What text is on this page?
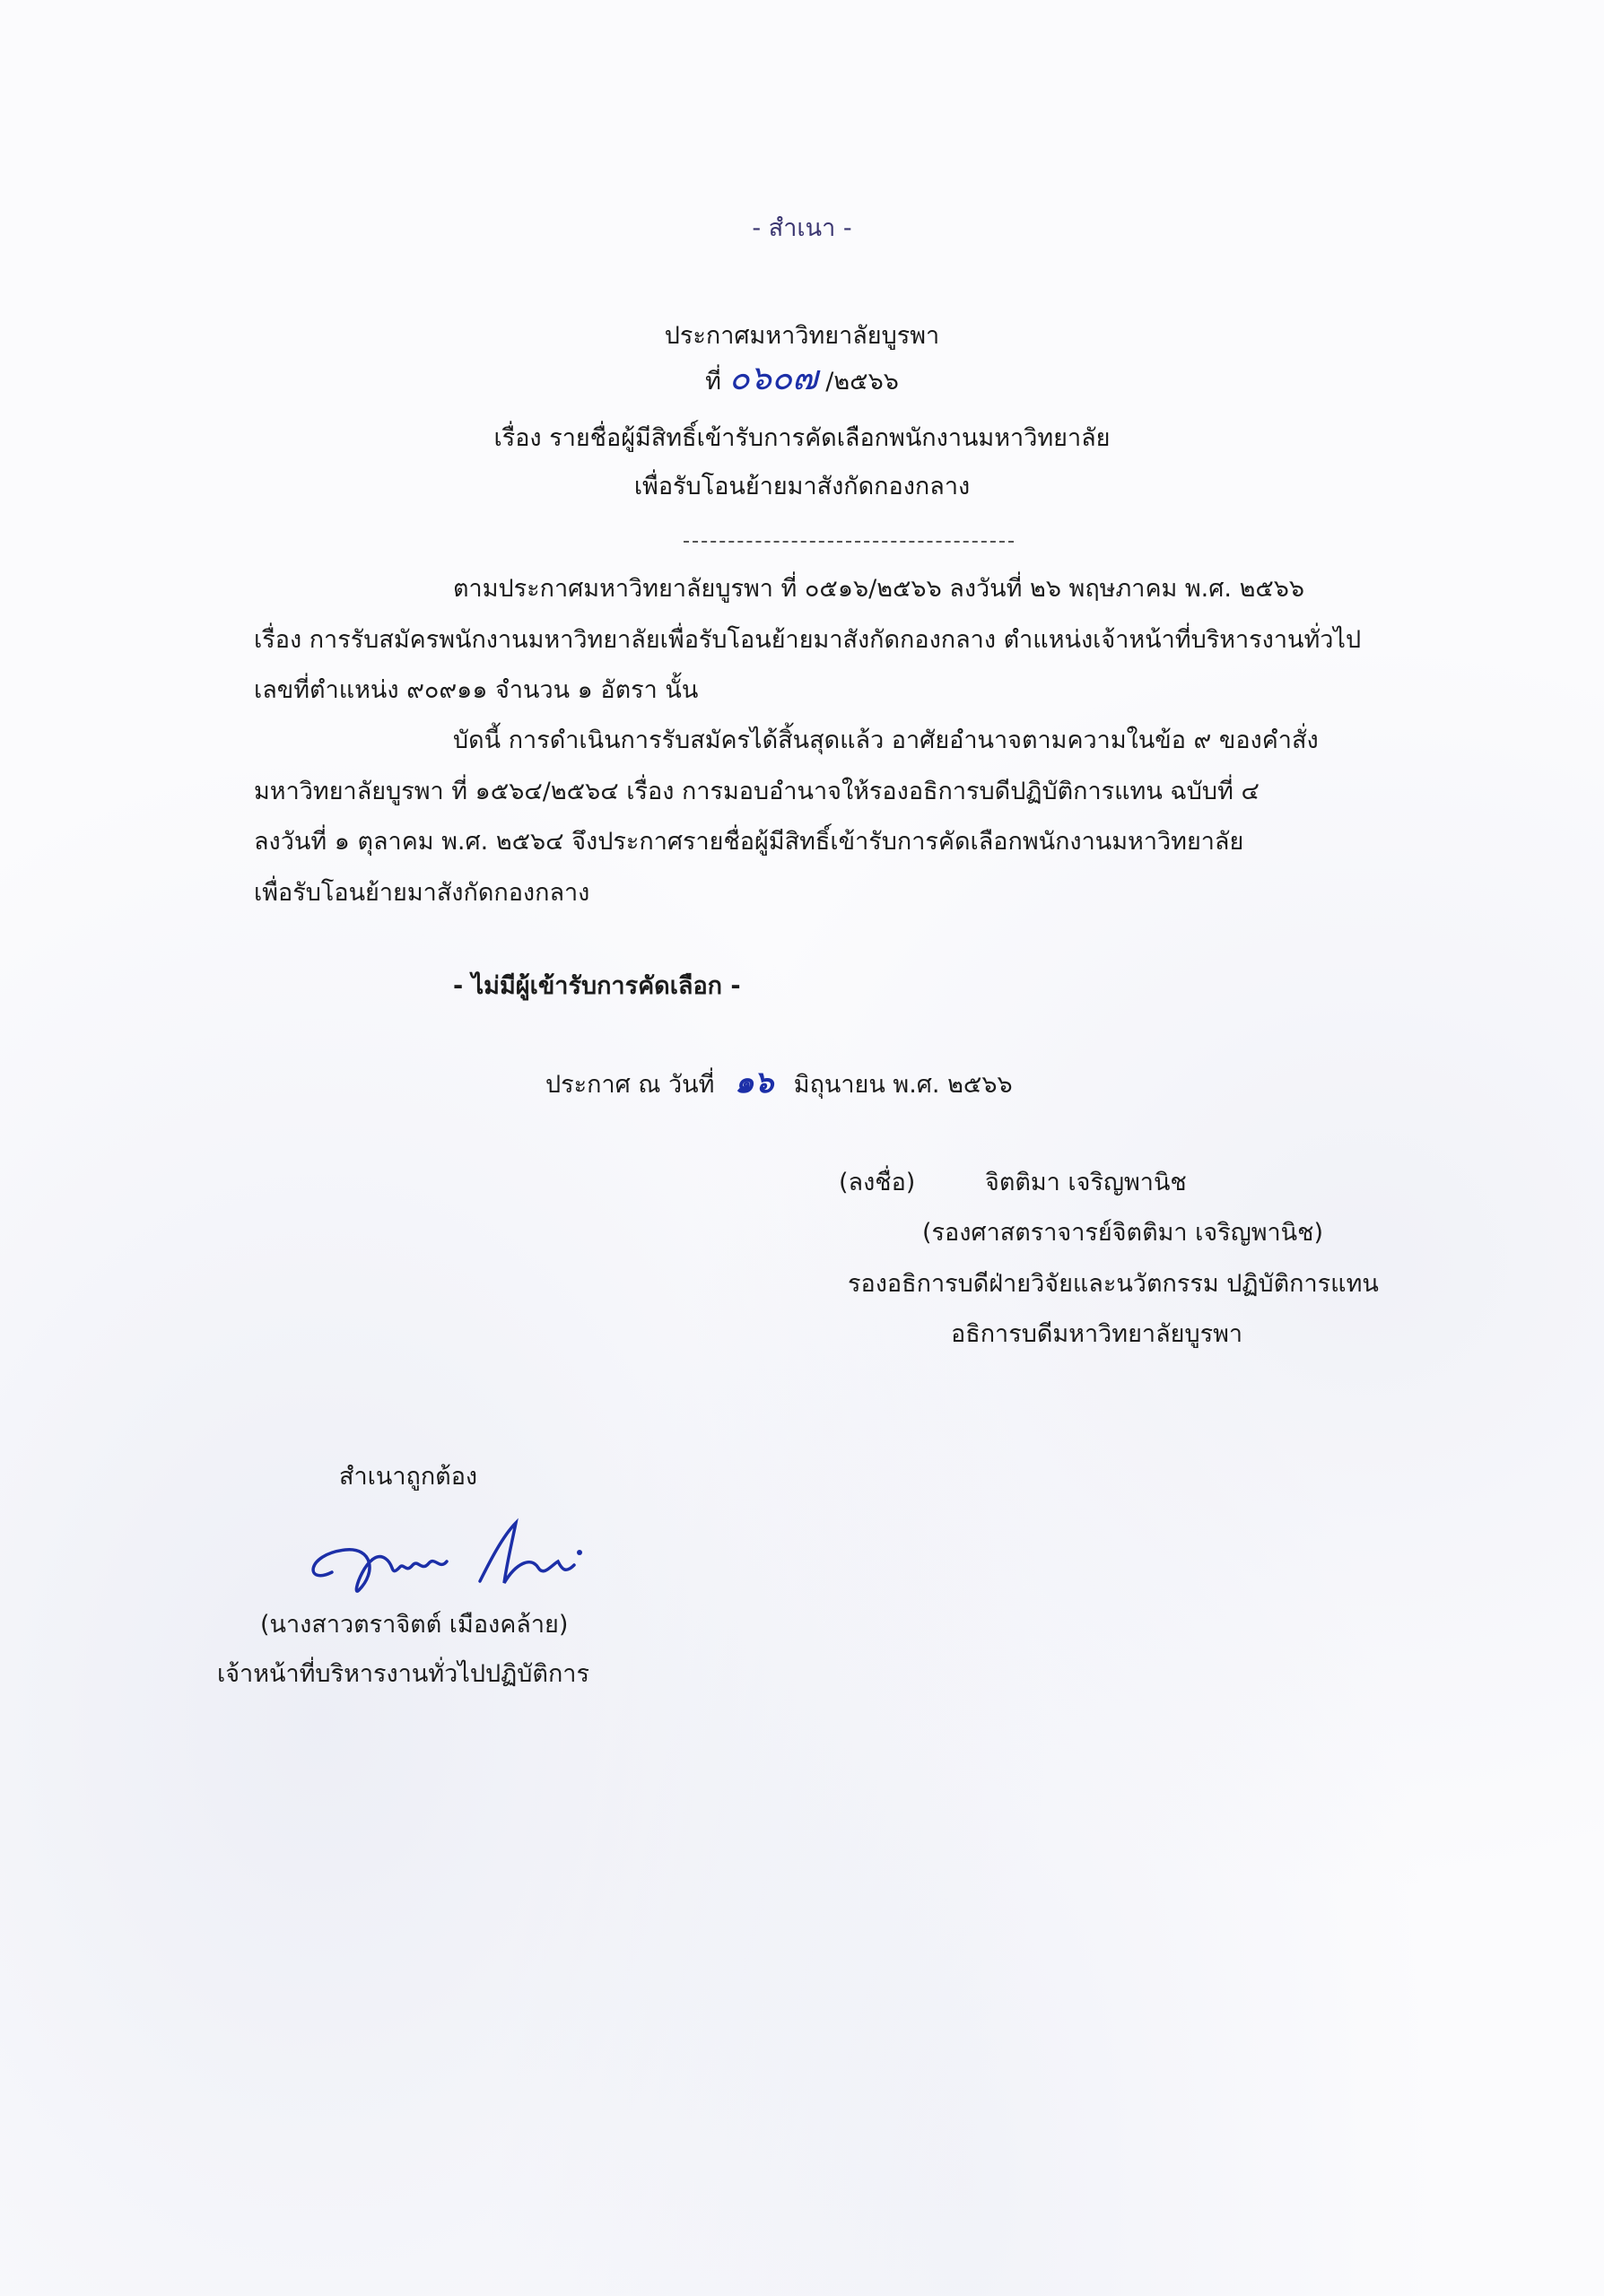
- สำเนา -
ประกาศมหาวิทยาลัยบูรพา
ที่ ๐๖๐๗ /๒๕๖๖
เรื่อง รายชื่อผู้มีสิทธิ์เข้ารับการคัดเลือกพนักงานมหาวิทยาลัย
เพื่อรับโอนย้ายมาสังกัดกองกลาง
ตามประกาศมหาวิทยาลัยบูรพา ที่ ๐๕๑๖/๒๕๖๖ ลงวันที่ ๒๖ พฤษภาคม พ.ศ. ๒๕๖๖
เรื่อง การรับสมัครพนักงานมหาวิทยาลัยเพื่อรับโอนย้ายมาสังกัดกองกลาง ตำแหน่งเจ้าหน้าที่บริหารงานทั่วไป
เลขที่ตำแหน่ง ๙๐๙๑๑ จำนวน ๑ อัตรา นั้น
บัดนี้ การดำเนินการรับสมัครได้สิ้นสุดแล้ว อาศัยอำนาจตามความในข้อ ๙ ของคำสั่ง
มหาวิทยาลัยบูรพา ที่ ๑๕๖๔/๒๕๖๔ เรื่อง การมอบอำนาจให้รองอธิการบดีปฏิบัติการแทน ฉบับที่ ๔
ลงวันที่ ๑ ตุลาคม พ.ศ. ๒๕๖๔ จึงประกาศรายชื่อผู้มีสิทธิ์เข้ารับการคัดเลือกพนักงานมหาวิทยาลัย
เพื่อรับโอนย้ายมาสังกัดกองกลาง
- ไม่มีผู้เข้ารับการคัดเลือก -
ประกาศ ณ วันที่ ๑๖ มิถุนายน พ.ศ. ๒๕๖๖
(ลงชื่อ)	จิตติมา เจริญพานิช
(รองศาสตราจารย์จิตติมา เจริญพานิช)
รองอธิการบดีฝ่ายวิจัยและนวัตกรรม ปฏิบัติการแทน
อธิการบดีมหาวิทยาลัยบูรพา
สำเนาถูกต้อง
(นางสาวตราจิตต์ เมืองคล้าย)
เจ้าหน้าที่บริหารงานทั่วไปปฏิบัติการ
